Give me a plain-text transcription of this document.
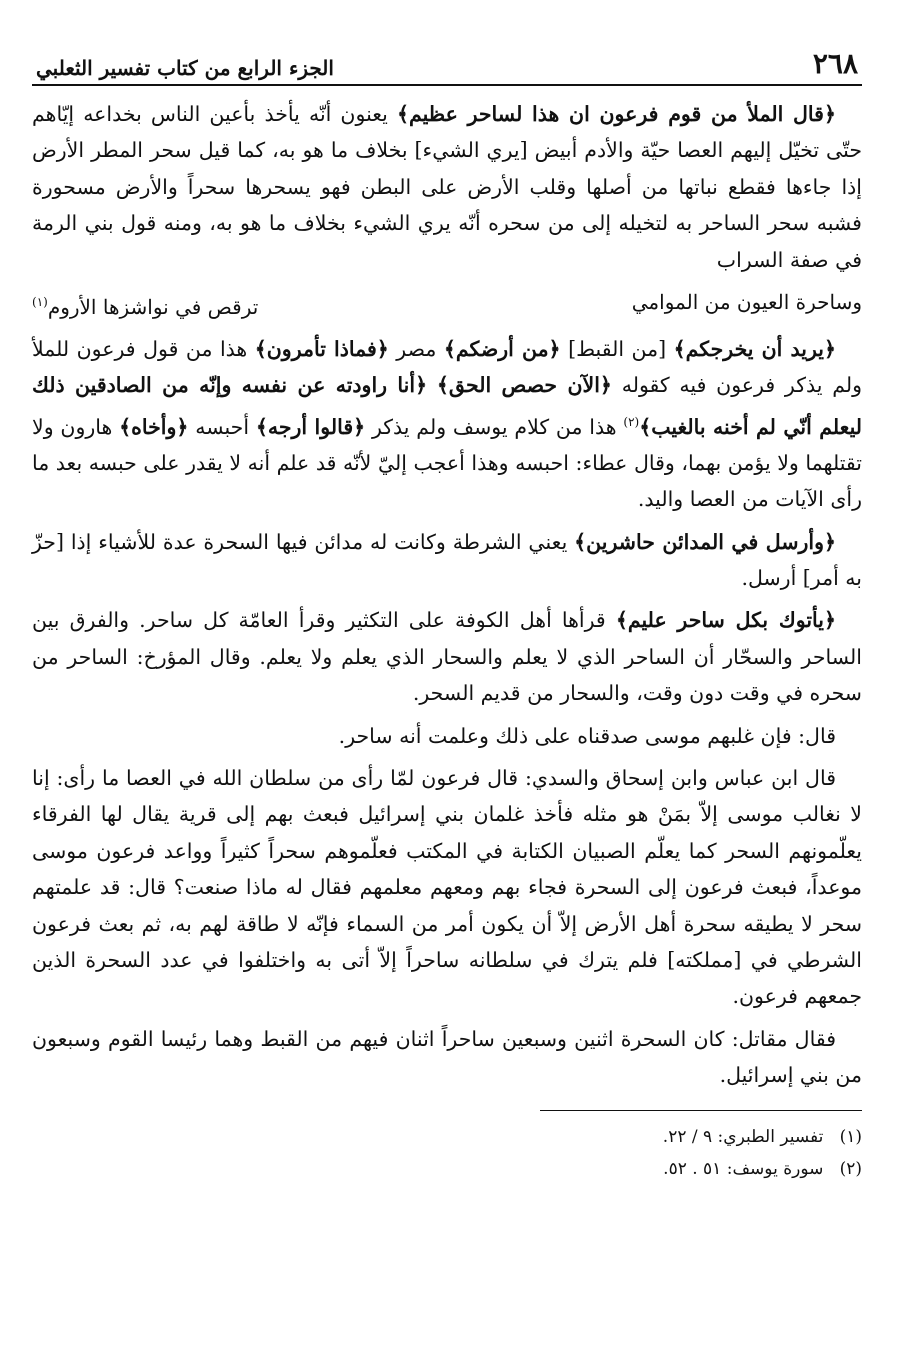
٢٦٨
الجزء الرابع من كتاب تفسير الثعلبي

﴿قال الملأ من قوم فرعون ان هذا لساحر عظيم﴾ يعنون أنّه يأخذ بأعين الناس بخداعه إيّاهم حتّى تخيّل إليهم العصا حيّة والأدم أبيض [يري الشيء] بخلاف ما هو به، كما قيل سحر المطر الأرض إذا جاءها فقطع نباتها من أصلها وقلب الأرض على البطن فهو يسحرها سحراً والأرض مسحورة فشبه سحر الساحر به لتخيله إلى من سحره أنّه يري الشيء بخلاف ما هو به، ومنه قول بني الرمة في صفة السراب

وساحرة العيون من الموامي
ترقص في نواشزها الأروم$^{(١)}$

﴿يريد أن يخرجكم﴾ [من القبط] ﴿من أرضكم﴾ مصر ﴿فماذا تأمرون﴾ هذا من قول فرعون للملأ ولم يذكر فرعون فيه كقوله ﴿الآن حصص الحق﴾ ﴿أنا راودته عن نفسه وإنّه من الصادقين ذلك ليعلم أنّي لم أخنه بالغيب﴾$^{(٢)}$ هذا من كلام يوسف ولم يذكر ﴿قالوا أرجه﴾ أحبسه ﴿وأخاه﴾ هارون ولا تقتلهما ولا يؤمن بهما، وقال عطاء: احبسه وهذا أعجب إليّ لأنّه قد علم أنه لا يقدر على حبسه بعد ما رأى الآيات من العصا واليد.

﴿وأرسل في المدائن حاشرين﴾ يعني الشرطة وكانت له مدائن فيها السحرة عدة للأشياء إذا [حزّ به أمر] أرسل.

﴿يأتوك بكل ساحر عليم﴾ قرأها أهل الكوفة على التكثير وقرأ العامّة كل ساحر. والفرق بين الساحر والسحّار أن الساحر الذي لا يعلم والسحار الذي يعلم ولا يعلم. وقال المؤرخ: الساحر من سحره في وقت دون وقت، والسحار من قديم السحر.

قال: فإن غلبهم موسى صدقناه على ذلك وعلمت أنه ساحر.

قال ابن عباس وابن إسحاق والسدي: قال فرعون لمّا رأى من سلطان الله في العصا ما رأى: إنا لا نغالب موسى إلاّ بمَنْ هو مثله فأخذ غلمان بني إسرائيل فبعث بهم إلى قرية يقال لها الفرقاء يعلّمونهم السحر كما يعلّم الصبيان الكتابة في المكتب فعلّموهم سحراً كثيراً وواعد فرعون موسى موعداً، فبعث فرعون إلى السحرة فجاء بهم ومعهم معلمهم فقال له ماذا صنعت؟ قال: قد علمتهم سحر لا يطيقه سحرة أهل الأرض إلاّ أن يكون أمر من السماء فإنّه لا طاقة لهم به، ثم بعث فرعون الشرطي في [مملكته] فلم يترك في سلطانه ساحراً إلاّ أتى به واختلفوا في عدد السحرة الذين جمعهم فرعون.

فقال مقاتل: كان السحرة اثنين وسبعين ساحراً اثنان فيهم من القبط وهما رئيسا القوم وسبعون من بني إسرائيل.

(١)   تفسير الطبري: ٩ / ٢٢.

(٢)   سورة يوسف: ٥١ . ٥٢.
